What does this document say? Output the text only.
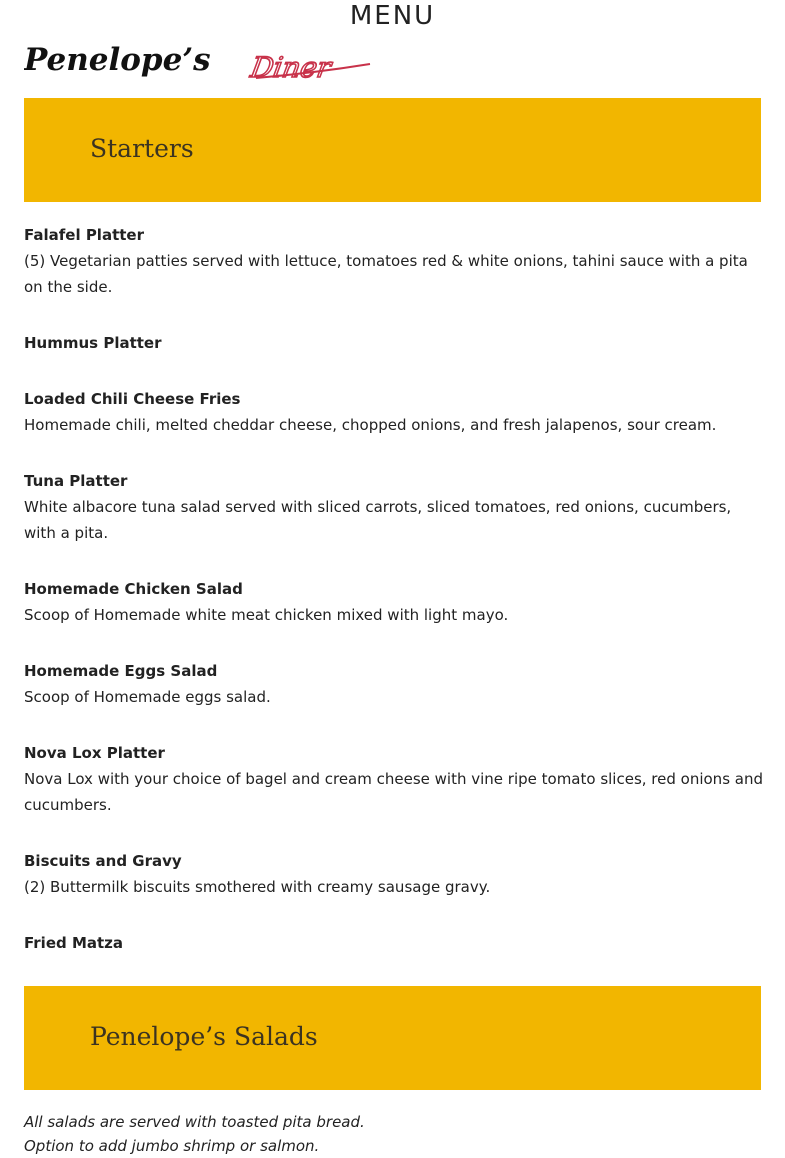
MENU
Penelope’s Diner
Starters
Falafel Platter
(5) Vegetarian patties served with lettuce, tomatoes red & white onions, tahini sauce with a pita on the side.
Hummus Platter
Loaded Chili Cheese Fries
Homemade chili, melted cheddar cheese, chopped onions, and fresh jalapenos, sour cream.
Tuna Platter
White albacore tuna salad served with sliced carrots, sliced tomatoes, red onions, cucumbers, with a pita.
Homemade Chicken Salad
Scoop of Homemade white meat chicken mixed with light mayo.
Homemade Eggs Salad
Scoop of Homemade eggs salad.
Nova Lox Platter
Nova Lox with your choice of bagel and cream cheese with vine ripe tomato slices, red onions and cucumbers.
Biscuits and Gravy
(2) Buttermilk biscuits smothered with creamy sausage gravy.
Fried Matza
Penelope’s Salads
All salads are served with toasted pita bread.
Option to add jumbo shrimp or salmon.
